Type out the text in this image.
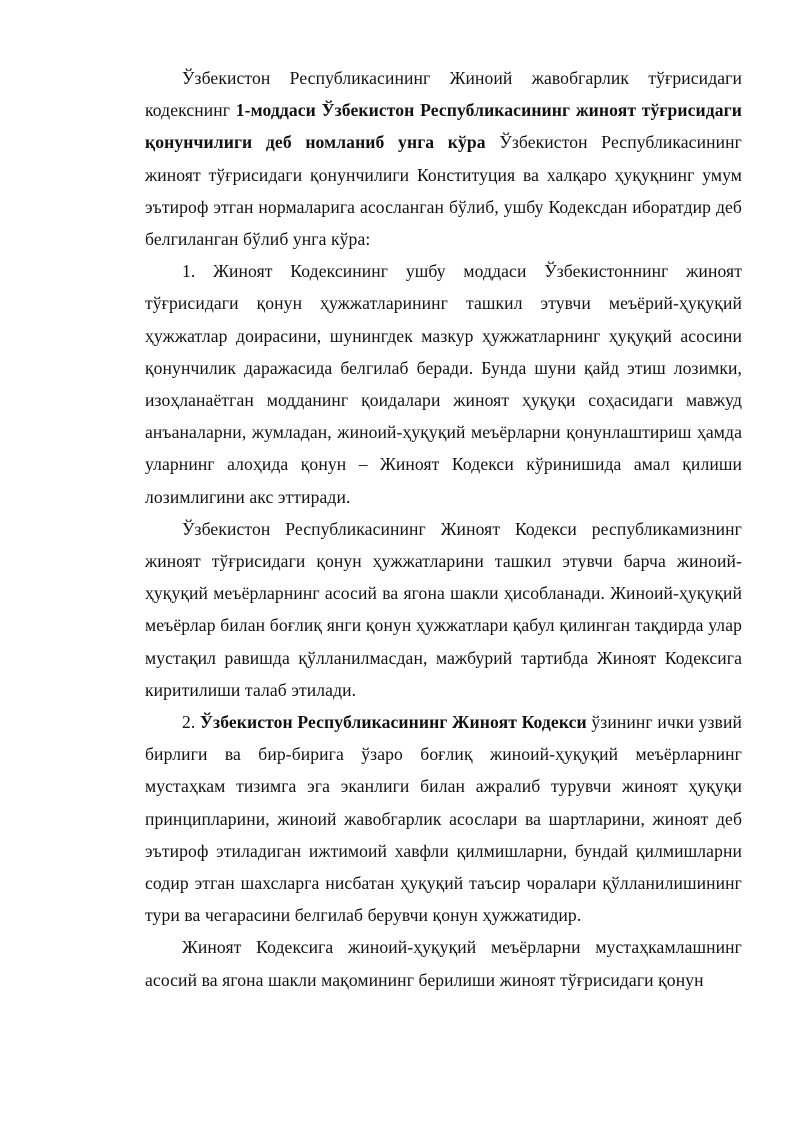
Ўзбекистон Республикасининг Жиноий жавобгарлик тўғрисидаги кодекснинг 1-моддаси Ўзбекистон Республикасининг жиноят тўғрисидаги қонунчилиги деб номланиб унга кўра Ўзбекистон Республикасининг жиноят тўғрисидаги қонунчилиги Конституция ва халқаро ҳуқуқнинг умум эътироф этган нормаларига асосланган бўлиб, ушбу Кодексдан иборатдир деб белгиланган бўлиб унга кўра:

1. Жиноят Кодексининг ушбу моддаси Ўзбекистоннинг жиноят тўғрисидаги қонун ҳужжатларининг ташкил этувчи меъёрий-ҳуқуқий ҳужжатлар доирасини, шунингдек мазкур ҳужжатларнинг ҳуқуқий асосини қонунчилик даражасида белгилаб беради. Бунда шуни қайд этиш лозимки, изоҳланаётган модданинг қоидалари жиноят ҳуқуқи соҳасидаги мавжуд анъаналарни, жумладан, жиноий-ҳуқуқий меъёрларни қонунлаштириш ҳамда уларнинг алоҳида қонун – Жиноят Кодекси кўринишида амал қилиши лозимлигини акс эттиради.

Ўзбекистон Республикасининг Жиноят Кодекси республикамизнинг жиноят тўғрисидаги қонун ҳужжатларини ташкил этувчи барча жиноий-ҳуқуқий меъёрларнинг асосий ва ягона шакли ҳисобланади. Жиноий-ҳуқуқий меъёрлар билан боғлиқ янги қонун ҳужжатлари қабул қилинган тақдирда улар мустақил равишда қўлланилмасдан, мажбурий тартибда Жиноят Кодексига киритилиши талаб этилади.

2. Ўзбекистон Республикасининг Жиноят Кодекси ўзининг ички узвий бирлиги ва бир-бирига ўзаро боғлиқ жиноий-ҳуқуқий меъёрларнинг мустаҳкам тизимга эга эканлиги билан ажралиб турувчи жиноят ҳуқуқи принципларини, жиноий жавобгарлик асослари ва шартларини, жиноят деб эътироф этиладиган ижтимоий хавфли қилмишларни, бундай қилмишларни содир этган шахсларга нисбатан ҳуқуқий таъсир чоралари қўлланилишининг тури ва чегарасини белгилаб берувчи қонун ҳужжатидир.

Жиноят Кодексига жиноий-ҳуқуқий меъёрларни мустаҳкамлашнинг асосий ва ягона шакли мақомининг берилиши жиноят тўғрисидаги қонун
